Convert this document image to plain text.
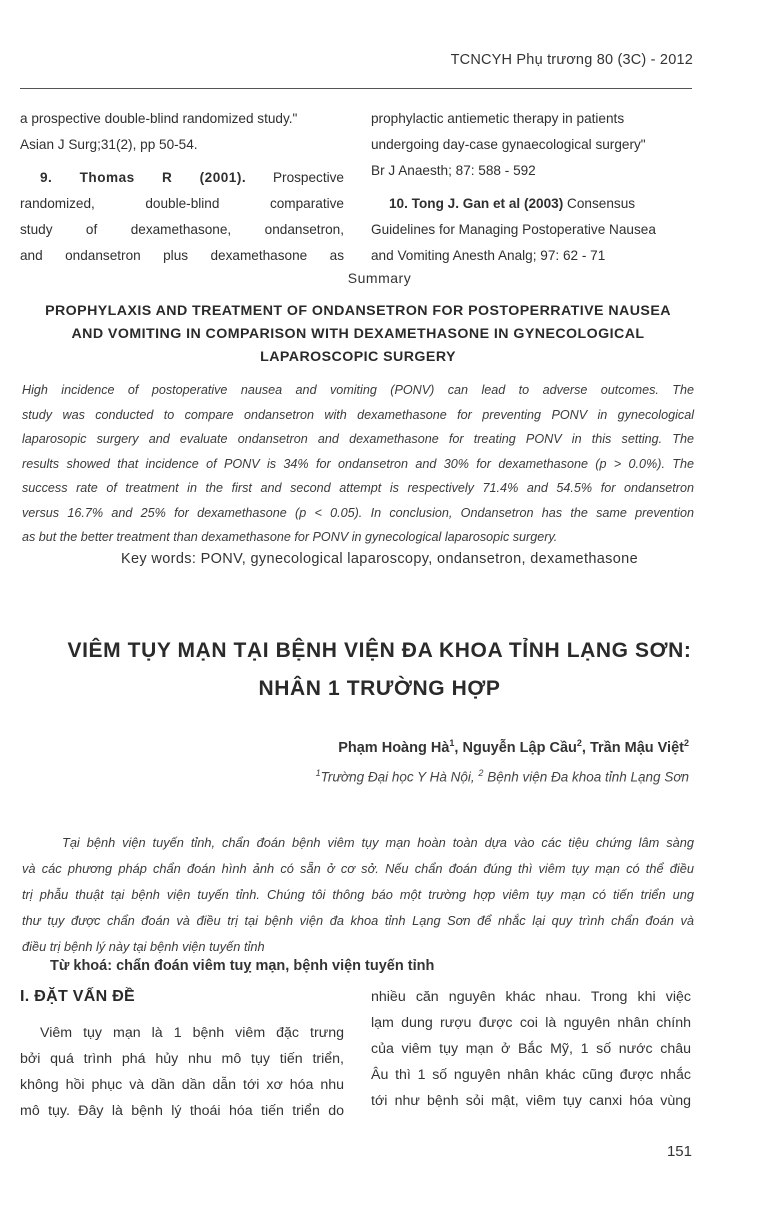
TCNCYH Phụ trương 80 (3C) - 2012

a prospective double-blind randomized study."
Asian J Surg;31(2), pp 50-54.

9. Thomas R (2001). Prospective
randomized, double-blind comparative
study of dexamethasone, ondansetron,
and ondansetron plus dexamethasone as

prophylactic antiemetic therapy in patients
undergoing day-case gynaecological surgery"
Br J Anaesth; 87: 588 - 592

10. Tong J. Gan et al (2003) Consensus
Guidelines for Managing Postoperative Nausea
and Vomiting Anesth Analg; 97: 62 - 71

Summary
PROPHYLAXIS AND TREATMENT OF ONDANSETRON FOR POSTOPERRATIVE NAUSEA
AND VOMITING IN COMPARISON WITH DEXAMETHASONE IN GYNECOLOGICAL
LAPAROSCOPIC SURGERY

High incidence of postoperative nausea and vomiting (PONV) can lead to adverse outcomes. The

study was conducted to compare ondansetron with dexamethasone for preventing PONV in gynecological

laparosopic surgery and evaluate ondansetron and dexamethasone for treating PONV in this setting. The

results showed that incidence of PONV is 34% for ondansetron and 30% for dexamethasone (p > 0.0%). The

success rate of treatment in the first and second attempt is respectively 71.4% and 54.5% for ondansetron

versus 16.7% and 25% for dexamethasone (p < 0.05). In conclusion, Ondansetron has the same prevention

as but the better treatment than dexamethasone for PONV in gynecological laparosopic surgery.

Key words: PONV, gynecological laparoscopy, ondansetron, dexamethasone
VIÊM TỤY MẠN TẠI BỆNH VIỆN ĐA KHOA TỈNH LẠNG SƠN:
NHÂN 1 TRƯỜNG HỢP
Phạm Hoàng $Hà^1$, Nguyễn Lập Cầu$^2$, Trần Mậu Việt$^2$
$^1$Trường Đại học Y Hà Nội, $^2$ Bệnh viện Đa khoa tỉnh Lạng Sơn

Tại bệnh viện tuyến tỉnh, chẩn đoán bệnh viêm tụy mạn hoàn toàn dựa vào các tiệu chứng lâm sàng

và các phương pháp chẩn đoán hình ảnh có sẵn ở cơ sở. Nếu chẩn đoán đúng thì viêm tụy mạn có thể điều

trị phẫu thuật tại bệnh viện tuyến tỉnh. Chúng tôi thông báo một trường hợp viêm tụy mạn có tiến triển ung

thư tụy được chẩn đoán và điều trị tại bệnh viện đa khoa tỉnh Lạng Sơn để nhắc lại quy trình chẩn đoán và

điều trị bệnh lý này tại bệnh viện tuyến tỉnh

Từ khoá: chẩn đoán viêm tuỵ mạn, bệnh viện tuyến tỉnh
I. ĐẶT VẤN ĐỀ

Viêm tụy mạn là 1 bệnh viêm đặc trưng

bởi quá trình phá hủy nhu mô tụy tiến triển,

không hồi phục và dần dần dẫn tới xơ hóa nhu

mô tụy. Đây là bệnh lý thoái hóa tiến triển do

nhiều căn nguyên khác nhau. Trong khi việc

lạm dung rượu được coi là nguyên nhân chính

của viêm tụy mạn ở Bắc Mỹ, 1 số nước châu

Âu thì 1 số nguyên nhân khác cũng được nhắc

tới như bệnh sỏi mật, viêm tụy canxi hóa vùng

151
